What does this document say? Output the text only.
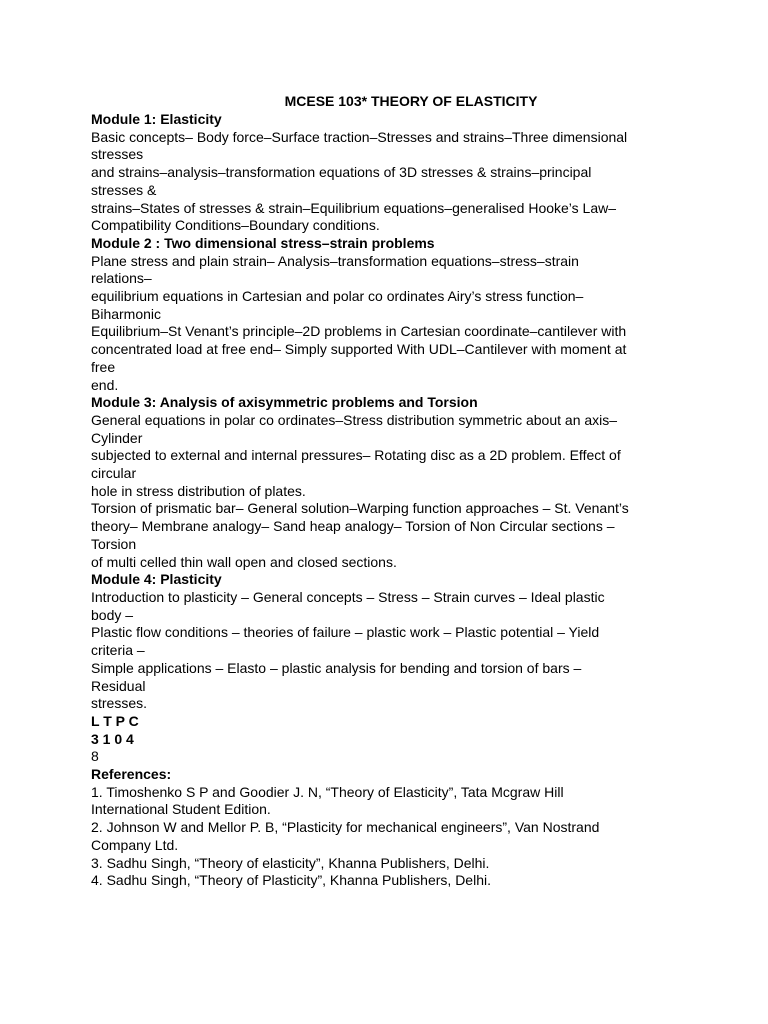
MCESE 103* THEORY OF ELASTICITY
Module 1: Elasticity
Basic concepts– Body force–Surface traction–Stresses and strains–Three dimensional
stresses
and strains–analysis–transformation equations of 3D stresses & strains–principal
stresses &
strains–States of stresses & strain–Equilibrium equations–generalised Hooke’s Law–
Compatibility Conditions–Boundary conditions.
Module 2 : Two dimensional stress–strain problems
Plane stress and plain strain– Analysis–transformation equations–stress–strain
relations–
equilibrium equations in Cartesian and polar co ordinates Airy’s stress function–
Biharmonic
Equilibrium–St Venant’s principle–2D problems in Cartesian coordinate–cantilever with
concentrated load at free end– Simply supported With UDL–Cantilever with moment at
free
end.
Module 3: Analysis of axisymmetric problems and Torsion
General equations in polar co ordinates–Stress distribution symmetric about an axis–
Cylinder
subjected to external and internal pressures– Rotating disc as a 2D problem. Effect of
circular
hole in stress distribution of plates.
Torsion of prismatic bar– General solution–Warping function approaches – St. Venant’s
theory– Membrane analogy– Sand heap analogy– Torsion of Non Circular sections –
Torsion
of multi celled thin wall open and closed sections.
Module 4: Plasticity
Introduction to plasticity – General concepts – Stress – Strain curves – Ideal plastic
body –
Plastic flow conditions – theories of failure – plastic work – Plastic potential – Yield
criteria –
Simple applications – Elasto – plastic analysis for bending and torsion of bars –
Residual
stresses.
L T P C
3 1 0 4
8
References:
1. Timoshenko S P and Goodier J. N, “Theory of Elasticity”, Tata Mcgraw Hill
International Student Edition.
2. Johnson W and Mellor P. B, “Plasticity for mechanical engineers”, Van Nostrand
Company Ltd.
3. Sadhu Singh, “Theory of elasticity”, Khanna Publishers, Delhi.
4. Sadhu Singh, “Theory of Plasticity”, Khanna Publishers, Delhi.
